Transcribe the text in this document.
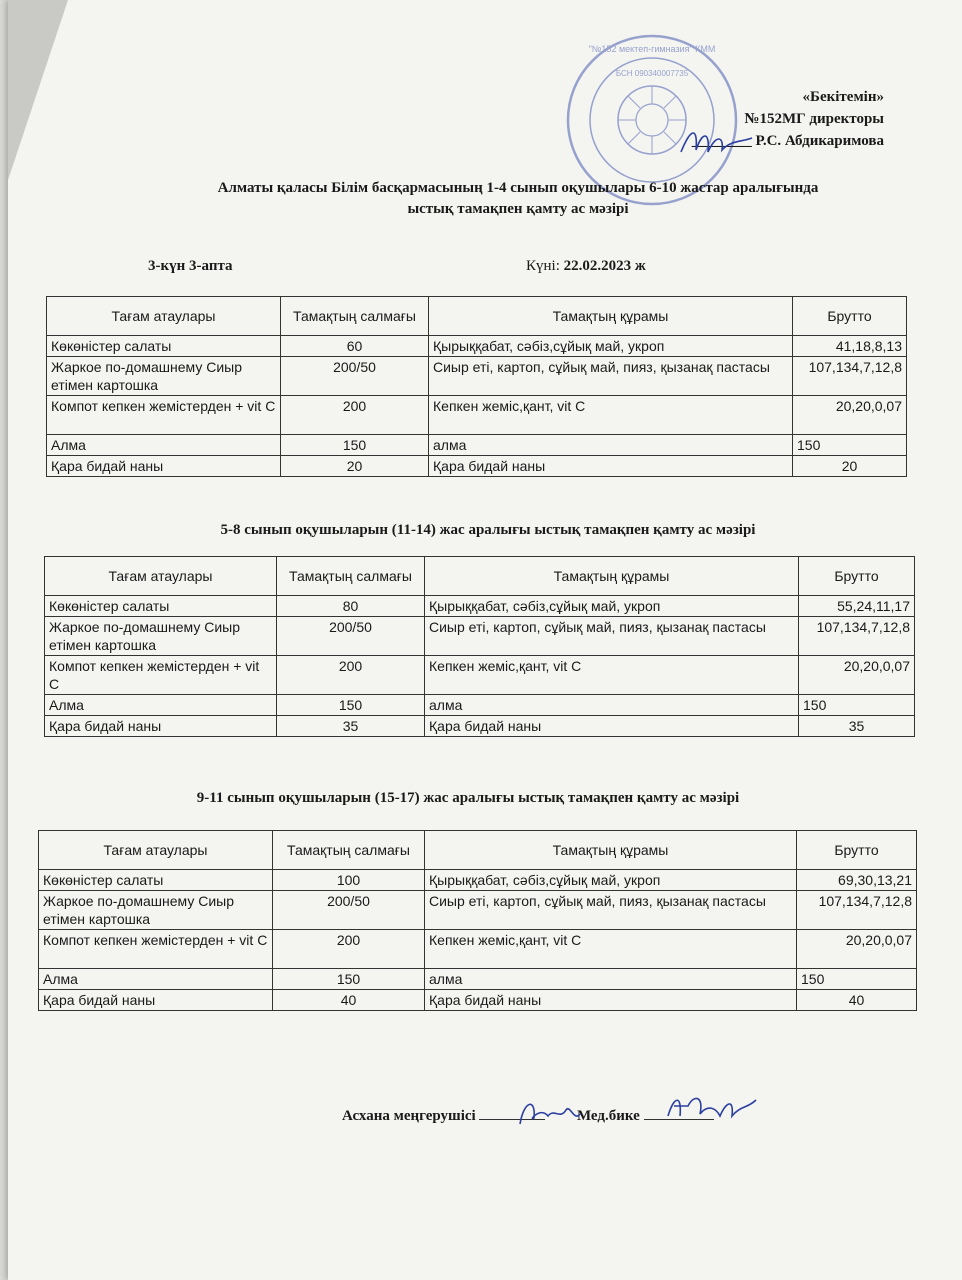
"№152 мектеп-гимназия" КММ
БСН 090340007735
«Бекітемін»
№152МГ директоры
________ Р.С. Абдикаримова
Алматы қаласы Білім басқармасының 1-4 сынып оқушылары 6-10 жастар аралығында
ыстық тамақпен қамту ас мәзірі
3-күн 3-апта	Күні: 22.02.2023 ж
Тағам атаулары	Тамақтың салмағы	Тамақтың құрамы	Брутто
Көкөністер салаты	60	Қырыққабат, сәбіз,сұйық май, укроп	41,18,8,13
Жаркое по-домашнему Сиыр етімен картошка	200/50	Сиыр еті, картоп, сұйық май, пияз, қызанақ пастасы	107,134,7,12,8
Компот кепкен жемістерден + vit C	200	Кепкен жеміс,қант, vit C	20,20,0,07
Алма	150	алма	150
Қара бидай наны	20	Қара бидай наны	20
5-8 сынып оқушыларын (11-14) жас аралығы ыстық тамақпен қамту ас мәзірі
Тағам атаулары	Тамақтың салмағы	Тамақтың құрамы	Брутто
Көкөністер салаты	80	Қырыққабат, сәбіз,сұйық май, укроп	55,24,11,17
Жаркое по-домашнему Сиыр етімен картошка	200/50	Сиыр еті, картоп, сұйық май, пияз, қызанақ пастасы	107,134,7,12,8
Компот кепкен жемістерден + vit C	200	Кепкен жеміс,қант, vit C	20,20,0,07
Алма	150	алма	150
Қара бидай наны	35	Қара бидай наны	35
9-11 сынып оқушыларын (15-17) жас аралығы ыстық тамақпен қамту ас мәзірі
Тағам атаулары	Тамақтың салмағы	Тамақтың құрамы	Брутто
Көкөністер салаты	100	Қырыққабат, сәбіз,сұйық май, укроп	69,30,13,21
Жаркое по-домашнему Сиыр етімен картошка	200/50	Сиыр еті, картоп, сұйық май, пияз, қызанақ пастасы	107,134,7,12,8
Компот кепкен жемістерден + vit C	200	Кепкен жеміс,қант, vit C	20,20,0,07
Алма	150	алма	150
Қара бидай наны	40	Қара бидай наны	40
Асхана меңгерушісі	Мед.бике
